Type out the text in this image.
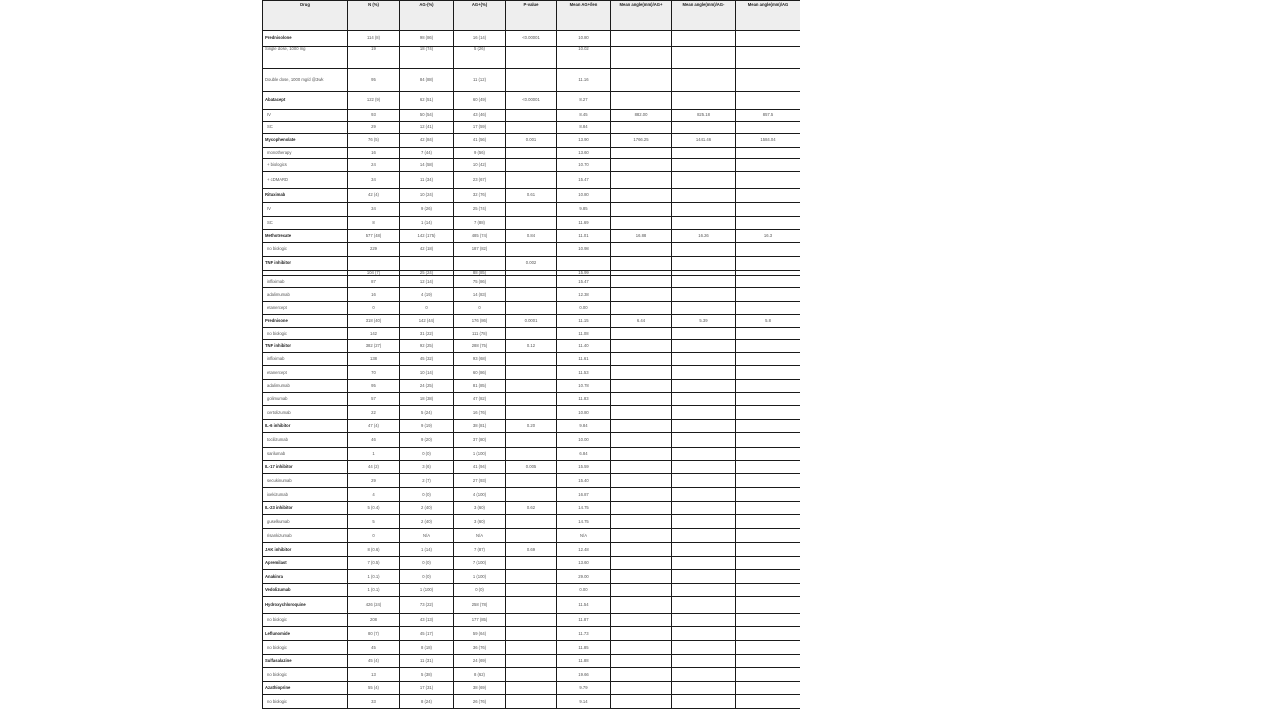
Drug	N (%)	AG-(%)	AG+(%)	P-value	Mean AG+/len	Mean angle(mm)/AG+	Mean angle(mm)/AG-	Mean angle(mm)/AG
Prednisolone	114 (8)	98 (86)	16 (14)	<0.00001	10.80			
Single dose, 1000 mg	19	18 (74)	5 (26)		10.02			
Double dose, 1000 mg/d @3wk	95	84 (88)	11 (12)		11.16			
Abatacept	122 (9)	62 (51)	60 (49)	<0.00001	8.27			
IV	93	50 (54)	43 (46)		8.45	882.00	825.18	857.5
SC	29	12 (41)	17 (59)		8.84			
Mycophenolate	76 (5)	42 (84)	41 (56)	0.001	13.90	1766.25	1441.46	1584.04
monotherapy	16	7 (44)	9 (56)		13.60			
+ biologics	24	14 (58)	10 (42)		10.70			
+ cDMARD	34	11 (34)	23 (67)		15.47			
Rituximab	42 (4)	10 (24)	32 (76)	0.61	10.80			
IV	34	9 (26)	25 (74)		9.85			
SC	8	1 (14)	7 (88)		11.69			
Methotrexate	577 (48)	142 (175)	485 (74)	0.84	11.01	16.88	16.26	16.3
no biologic	229	42 (18)	187 (82)		10.98			
TNF inhibitor				0.002				
	104 (7)	25 (24)	88 (85)		15.99			
infliximab	87	12 (14)	75 (86)		15.47			
adalimumab	16	4 (19)	14 (83)		12.38			
etanercept	0	0	0		0.00			
Prednisone	318 (40)	142 (44)	176 (86)	0.0001	11.15	6.44	5.39	5.8
no biologic	142	31 (22)	111 (78)		11.08			
TNF inhibitor	382 (27)	92 (25)	288 (75)	0.12	11.40			
infliximab	138	45 (32)	93 (68)		11.61			
etanercept	70	10 (14)	60 (86)		11.53			
adalimumab	95	24 (25)	81 (85)		10.78			
golimumab	57	18 (38)	47 (82)		11.83			
certolizumab	22	5 (24)	16 (76)		10.80			
IL-6 inhibitor	47 (4)	9 (19)	38 (81)	0.20	9.84			
tocilizumab	46	9 (20)	37 (80)		10.00			
sarilumab	1	0 (0)	1 (100)		6.84			
IL-17 inhibitor	44 (2)	3 (6)	41 (94)	0.005	15.59			
secukinumab	29	2 (7)	27 (93)		15.40			
ixekizumab	4	0 (0)	4 (100)		16.87			
IL-23 inhibitor	5 (0.4)	2 (40)	3 (60)	0.62	14.75			
guselkumab	5	2 (40)	3 (60)		14.75			
risankizumab	0	N/A	N/A		N/A			
JAK inhibitor	8 (0.6)	1 (14)	7 (87)	0.69	12.48			
Apremilast	7 (0.5)	0 (0)	7 (100)		13.60			
Anakinra	1 (0.1)	0 (0)	1 (100)		29.00			
Vedolizumab	1 (0.1)	1 (100)	0 (0)		0.00			
Hydroxychloroquine	426 (24)	73 (22)	258 (78)		11.54			
no biologic	208	43 (13)	177 (85)		11.87			
Leflunomide	80 (7)	45 (17)	59 (64)		11.73			
no biologic	45	8 (18)	36 (76)		11.85			
Sulfasalazine	45 (4)	11 (31)	24 (69)		11.88			
no biologic	13	5 (38)	8 (62)		19.66			
Azathioprine	55 (4)	17 (31)	38 (69)		9.79			
no biologic	33	8 (24)	26 (76)		9.14			
